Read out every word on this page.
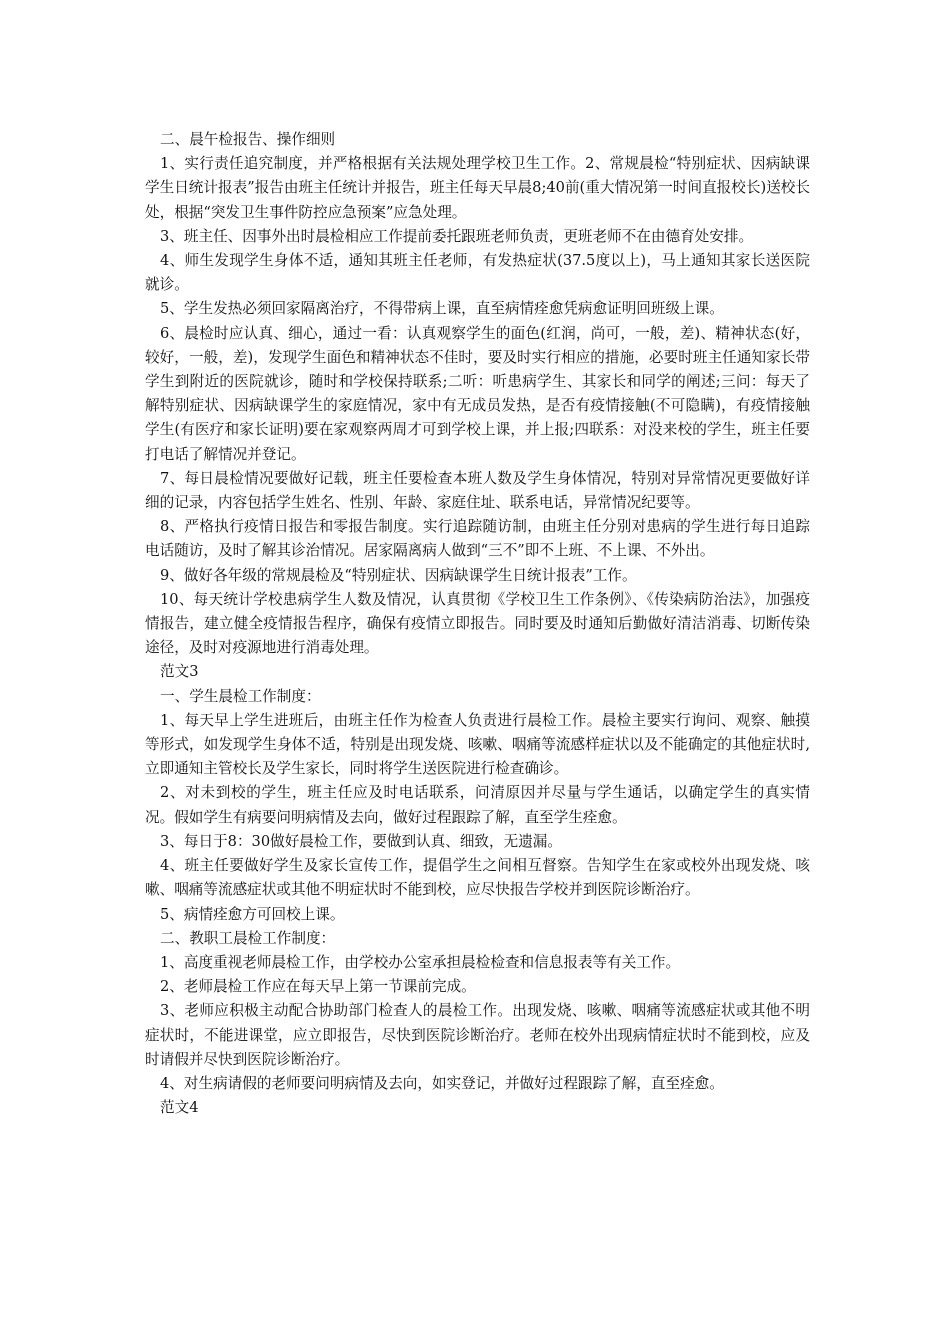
二、晨午检报告、操作细则

1、实行责任追究制度，并严格根据有关法规处理学校卫生工作。2、常规晨检“特别症状、因病缺课学生日统计报表”报告由班主任统计并报告，班主任每天早晨8;40前(重大情况第一时间直报校长)送校长处，根据“突发卫生事件防控应急预案”应急处理。

3、班主任、因事外出时晨检相应工作提前委托跟班老师负责，更班老师不在由德育处安排。

4、师生发现学生身体不适，通知其班主任老师，有发热症状(37.5度以上)，马上通知其家长送医院就诊。

5、学生发热必须回家隔离治疗，不得带病上课，直至病情痊愈凭病愈证明回班级上课。

6、晨检时应认真、细心，通过一看：认真观察学生的面色(红润，尚可，一般，差)、精神状态(好，较好，一般，差)，发现学生面色和精神状态不佳时，要及时实行相应的措施，必要时班主任通知家长带学生到附近的医院就诊，随时和学校保持联系;二听：听患病学生、其家长和同学的阐述;三问：每天了解特别症状、因病缺课学生的家庭情况，家中有无成员发热，是否有疫情接触(不可隐瞒)，有疫情接触学生(有医疗和家长证明)要在家观察两周才可到学校上课，并上报;四联系：对没来校的学生，班主任要打电话了解情况并登记。

7、每日晨检情况要做好记载，班主任要检查本班人数及学生身体情况，特别对异常情况更要做好详细的记录，内容包括学生姓名、性别、年龄、家庭住址、联系电话，异常情况纪要等。

8、严格执行疫情日报告和零报告制度。实行追踪随访制，由班主任分别对患病的学生进行每日追踪电话随访，及时了解其诊治情况。居家隔离病人做到“三不”即不上班、不上课、不外出。

9、做好各年级的常规晨检及“特别症状、因病缺课学生日统计报表”工作。

10、每天统计学校患病学生人数及情况，认真贯彻《学校卫生工作条例》、《传染病防治法》，加强疫情报告，建立健全疫情报告程序，确保有疫情立即报告。同时要及时通知后勤做好清洁消毒、切断传染途径，及时对疫源地进行消毒处理。

范文3

一、学生晨检工作制度：

1、每天早上学生进班后，由班主任作为检查人负责进行晨检工作。晨检主要实行询问、观察、触摸等形式，如发现学生身体不适，特别是出现发烧、咳嗽、咽痛等流感样症状以及不能确定的其他症状时,立即通知主管校长及学生家长，同时将学生送医院进行检查确诊。

2、对未到校的学生，班主任应及时电话联系，问清原因并尽量与学生通话，以确定学生的真实情况。假如学生有病要问明病情及去向，做好过程跟踪了解，直至学生痊愈。

3、每日于8：30做好晨检工作，要做到认真、细致，无遗漏。

4、班主任要做好学生及家长宣传工作，提倡学生之间相互督察。告知学生在家或校外出现发烧、咳嗽、咽痛等流感症状或其他不明症状时不能到校，应尽快报告学校并到医院诊断治疗。

5、病情痊愈方可回校上课。

二、教职工晨检工作制度：

1、高度重视老师晨检工作，由学校办公室承担晨检检查和信息报表等有关工作。

2、老师晨检工作应在每天早上第一节课前完成。

3、老师应积极主动配合协助部门检查人的晨检工作。出现发烧、咳嗽、咽痛等流感症状或其他不明症状时，不能进课堂，应立即报告，尽快到医院诊断治疗。老师在校外出现病情症状时不能到校，应及时请假并尽快到医院诊断治疗。

4、对生病请假的老师要问明病情及去向，如实登记，并做好过程跟踪了解，直至痊愈。

范文4
